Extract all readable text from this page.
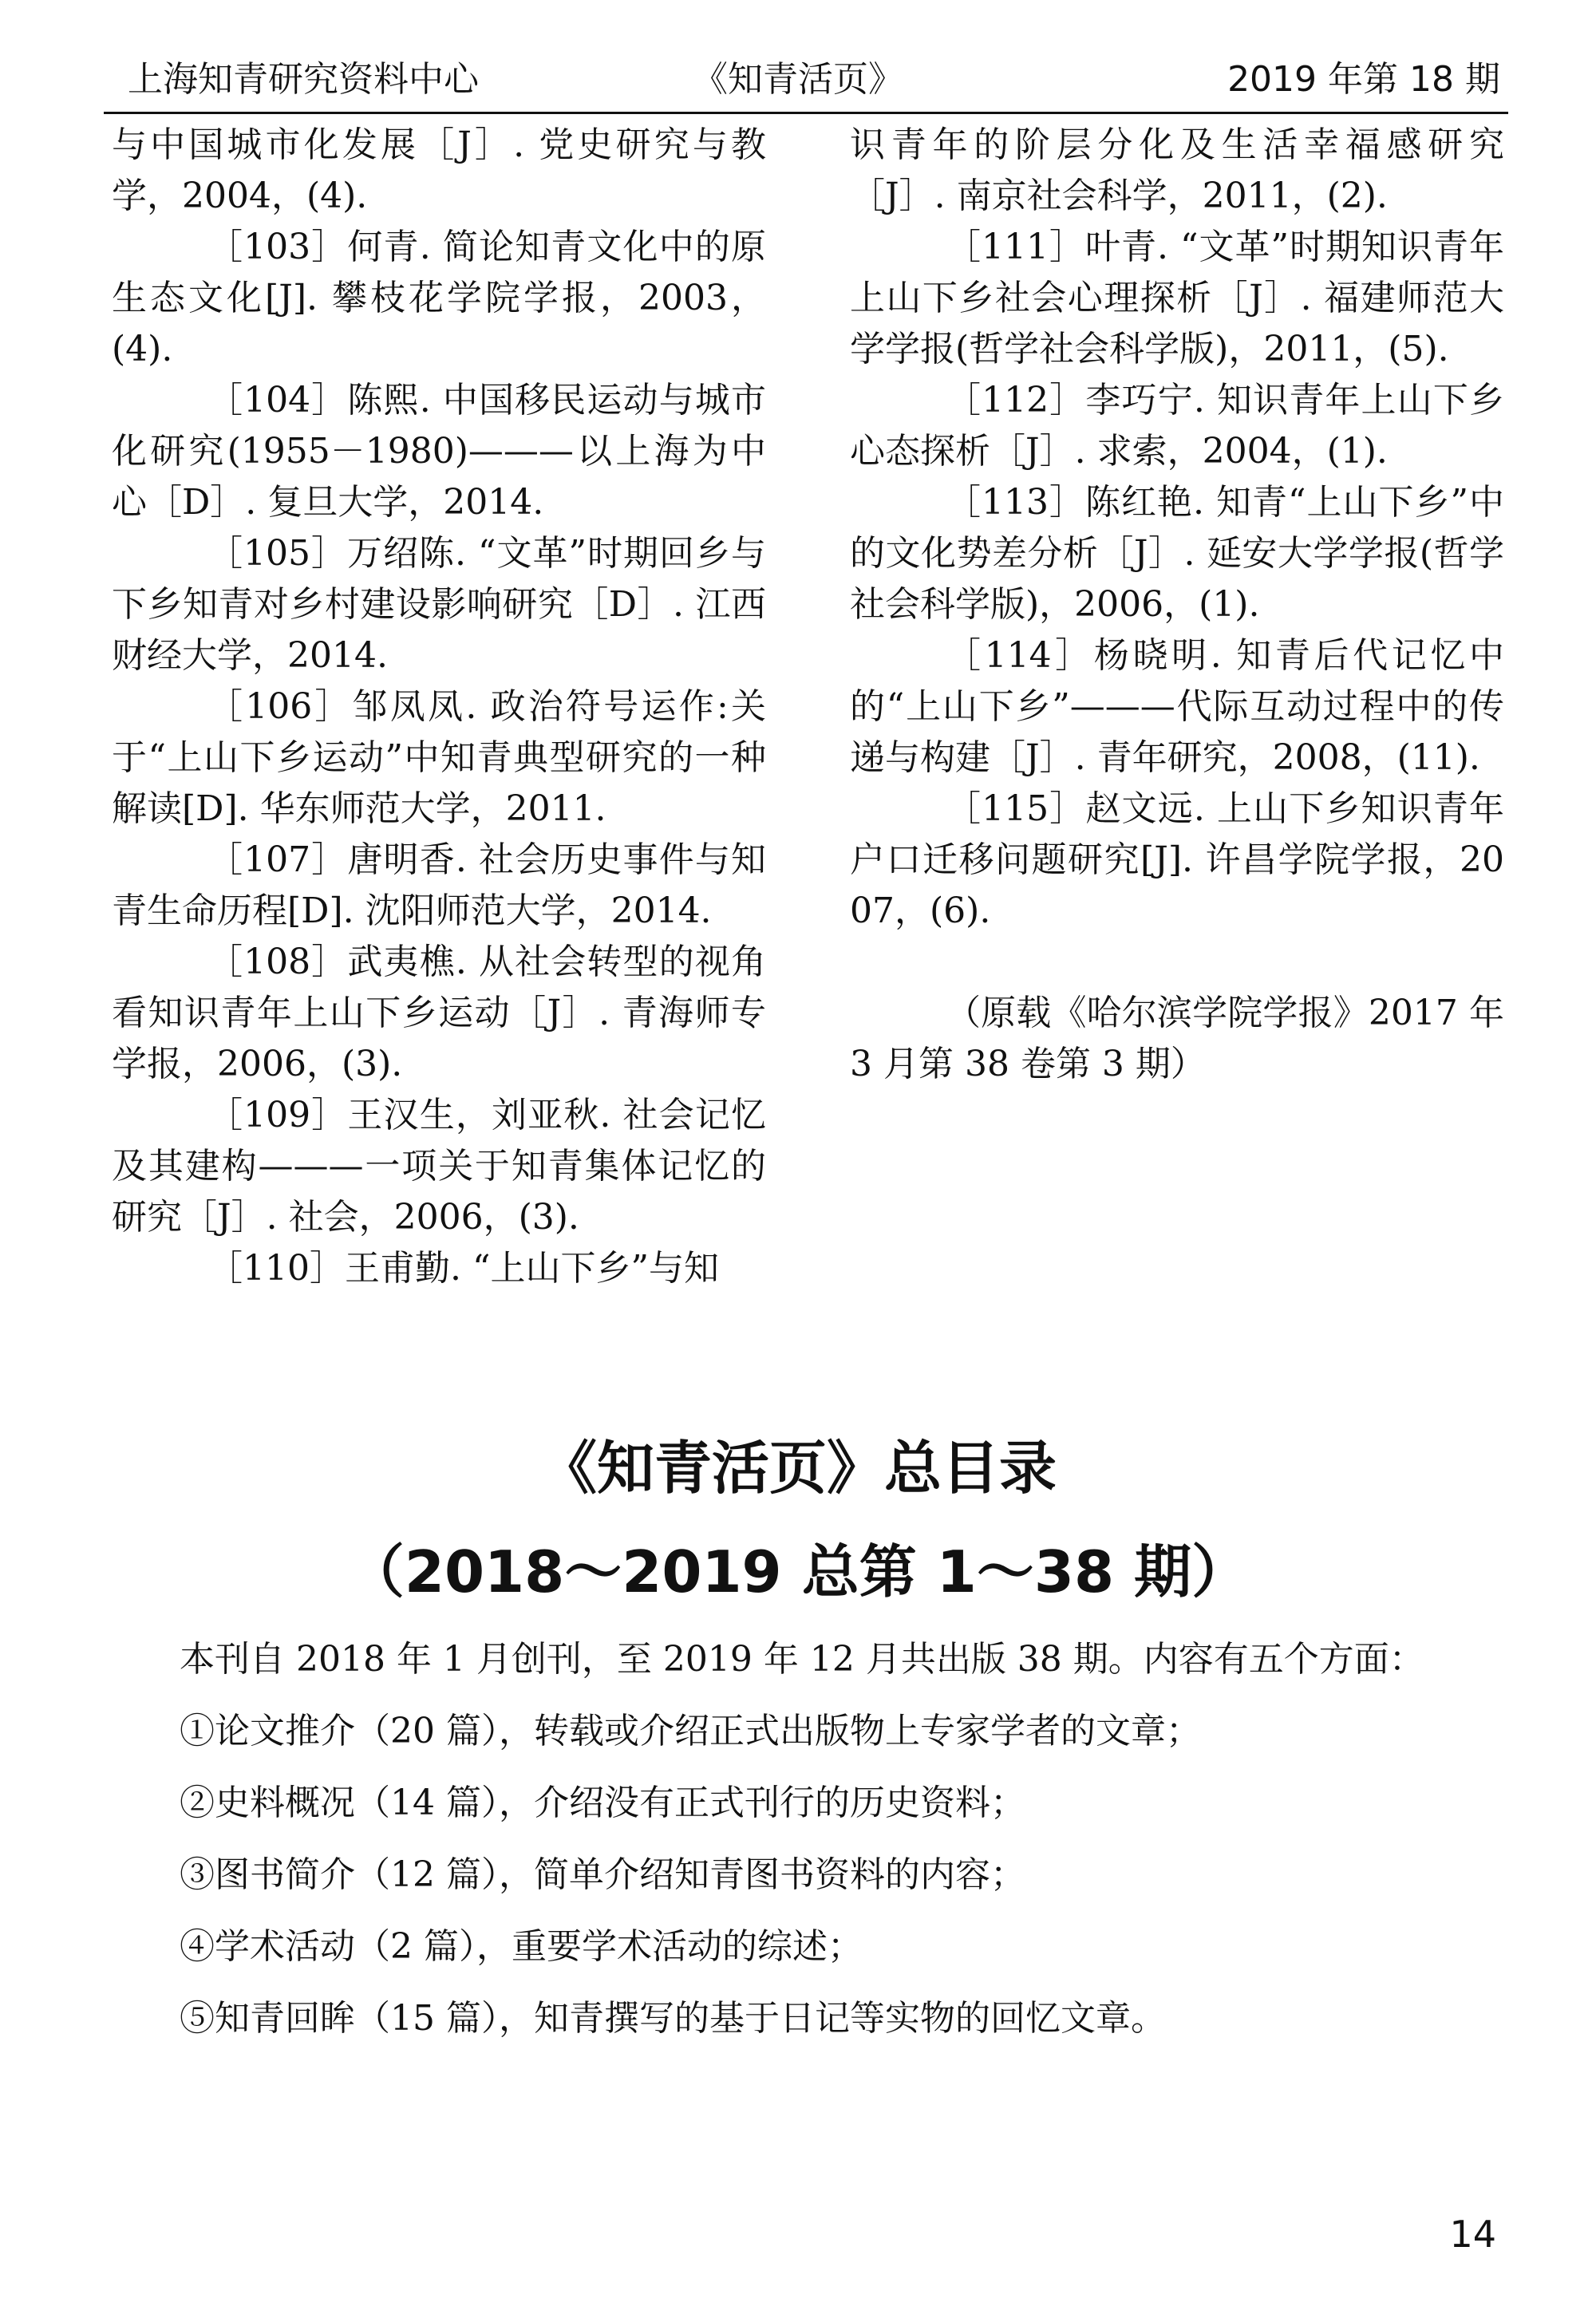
上海知青研究资料中心	《知青活页》	2019 年第 18 期

与中国城市化发展［J］. 党史研究与教学，2004，(4).

［103］何青. 简论知青文化中的原生态文化[J]. 攀枝花学院学报，2003，(4).

［104］陈熙. 中国移民运动与城市化研究(1955－1980)———以上海为中心［D］. 复旦大学，2014.

［105］万绍陈. “文革”时期回乡与下乡知青对乡村建设影响研究［D］. 江西财经大学，2014.

［106］邹凤凤. 政治符号运作:关于“上山下乡运动”中知青典型研究的一种解读[D]. 华东师范大学，2011.

［107］唐明香. 社会历史事件与知青生命历程[D]. 沈阳师范大学，2014.

［108］武夷樵. 从社会转型的视角看知识青年上山下乡运动［J］. 青海师专学报，2006，(3).

［109］王汉生，刘亚秋. 社会记忆及其建构———一项关于知青集体记忆的研究［J］. 社会，2006，(3).

［110］王甫勤. “上山下乡”与知

识青年的阶层分化及生活幸福感研究［J］. 南京社会科学，2011，(2).

［111］叶青. “文革”时期知识青年上山下乡社会心理探析［J］. 福建师范大学学报(哲学社会科学版)，2011，(5).

［112］李巧宁. 知识青年上山下乡心态探析［J］. 求索，2004，(1).

［113］陈红艳. 知青“上山下乡”中的文化势差分析［J］. 延安大学学报(哲学社会科学版)，2006，(1).

［114］杨晓明. 知青后代记忆中的“上山下乡”———代际互动过程中的传递与构建［J］. 青年研究，2008，(11).

［115］赵文远. 上山下乡知识青年户口迁移问题研究[J]. 许昌学院学报，2007，(6).

（原载《哈尔滨学院学报》2017 年 3 月第 38 卷第 3 期）

《知青活页》总目录
（2018～2019 总第 1～38 期）

本刊自 2018 年 1 月创刊，至 2019 年 12 月共出版 38 期。内容有五个方面：

①论文推介（20 篇），转载或介绍正式出版物上专家学者的文章；

②史料概况（14 篇），介绍没有正式刊行的历史资料；

③图书简介（12 篇），简单介绍知青图书资料的内容；

④学术活动（2 篇），重要学术活动的综述；

⑤知青回眸（15 篇），知青撰写的基于日记等实物的回忆文章。

14
